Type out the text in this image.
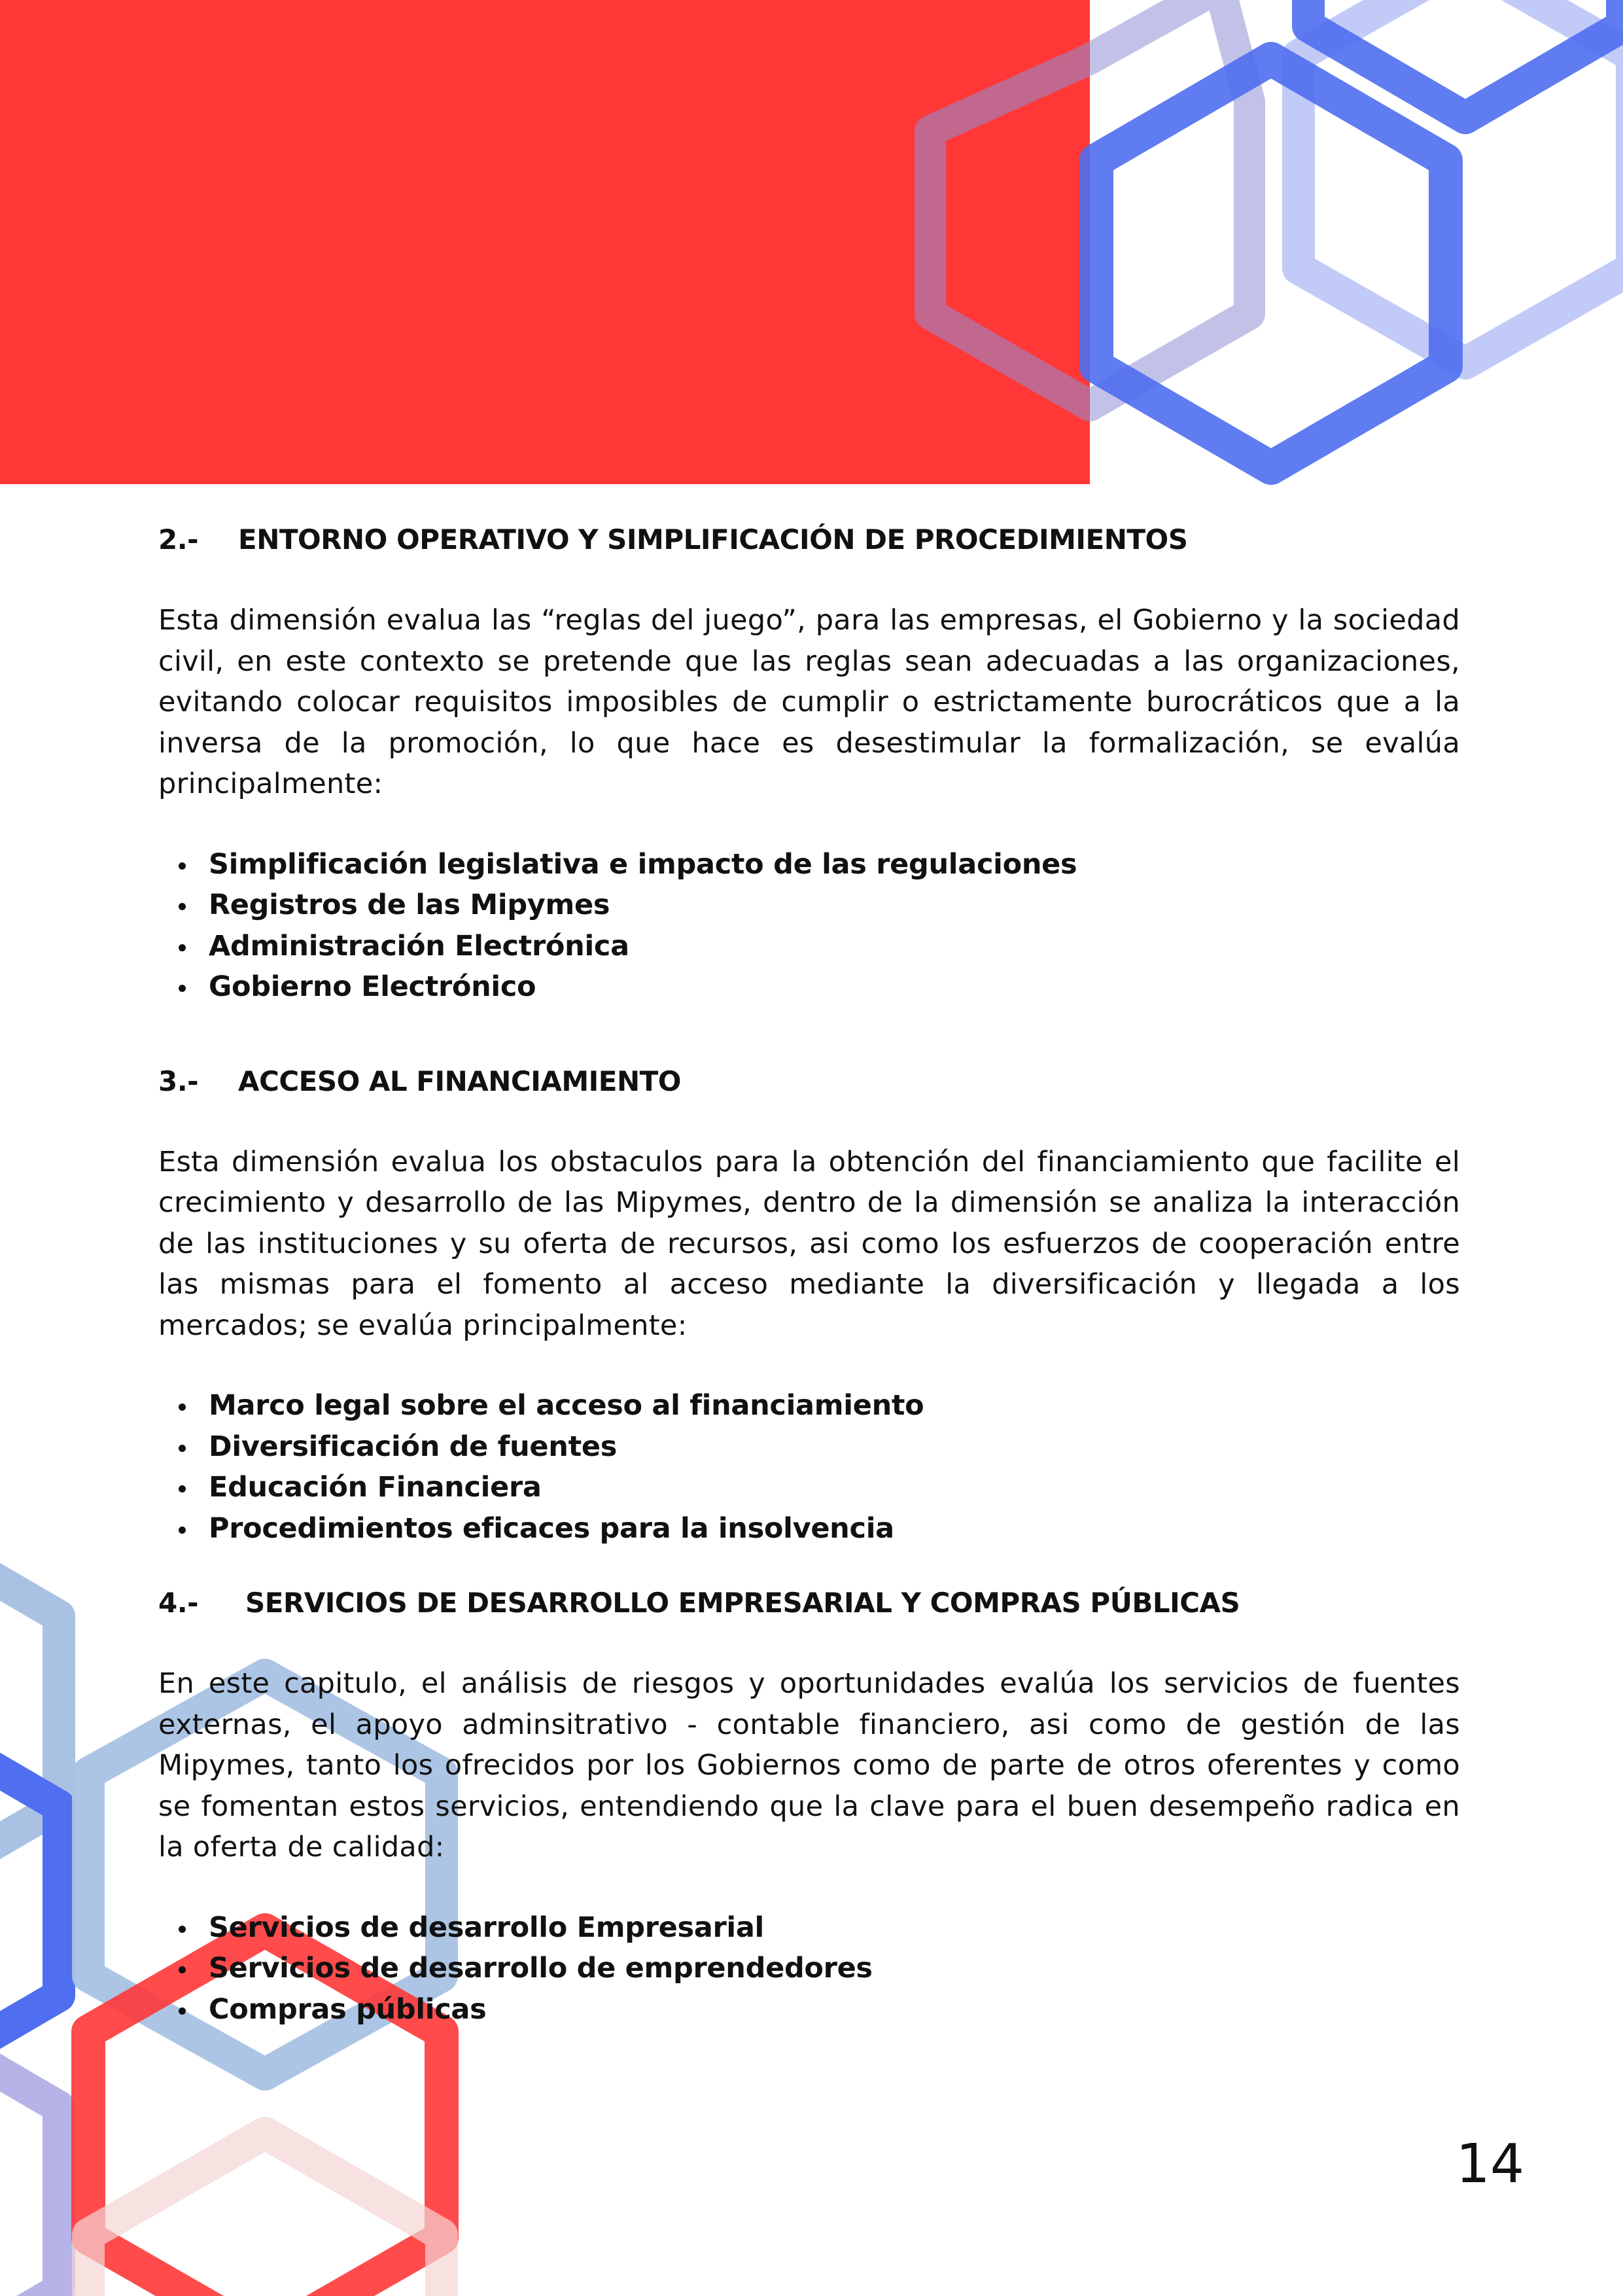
2.-	ENTORNO OPERATIVO Y SIMPLIFICACIÓN DE PROCEDIMIENTOS

Esta dimensión evalua las “reglas del juego”, para las empresas, el Gobierno y la sociedad civil, en este contexto se pretende que las reglas sean adecuadas a las organizaciones, evitando colocar requisitos imposibles de cumplir o estrictamente burocráticos que a la inversa de la promoción, lo que hace es desestimular la formalización, se evalúa principalmente:

Simplificación legislativa e impacto de las regulaciones
Registros de las Mipymes
Administración Electrónica
Gobierno Electrónico
3.-	ACCESO AL FINANCIAMIENTO

Esta dimensión evalua los obstaculos para la obtención del financiamiento que facilite el crecimiento y desarrollo de las Mipymes, dentro de la dimensión se analiza la interacción de las instituciones y su oferta de recursos, asi como los esfuerzos de cooperación entre las mismas para el fomento al acceso mediante la diversificación y llegada a los mercados; se evalúa principalmente:

Marco legal sobre el acceso al financiamiento
Diversificación de fuentes
Educación Financiera
Procedimientos eficaces para la insolvencia
4.-	SERVICIOS DE DESARROLLO EMPRESARIAL Y COMPRAS PÚBLICAS

En este capitulo, el análisis de riesgos y oportunidades evalúa los servicios de fuentes externas, el apoyo adminsitrativo - contable financiero, asi como de gestión de las Mipymes, tanto los ofrecidos por los Gobiernos como de parte de otros oferentes y como se fomentan estos servicios, entendiendo que la clave para el buen desempeño radica en la oferta de calidad:

Servicios de desarrollo Empresarial
Servicios de desarrollo de emprendedores
Compras públicas
14
